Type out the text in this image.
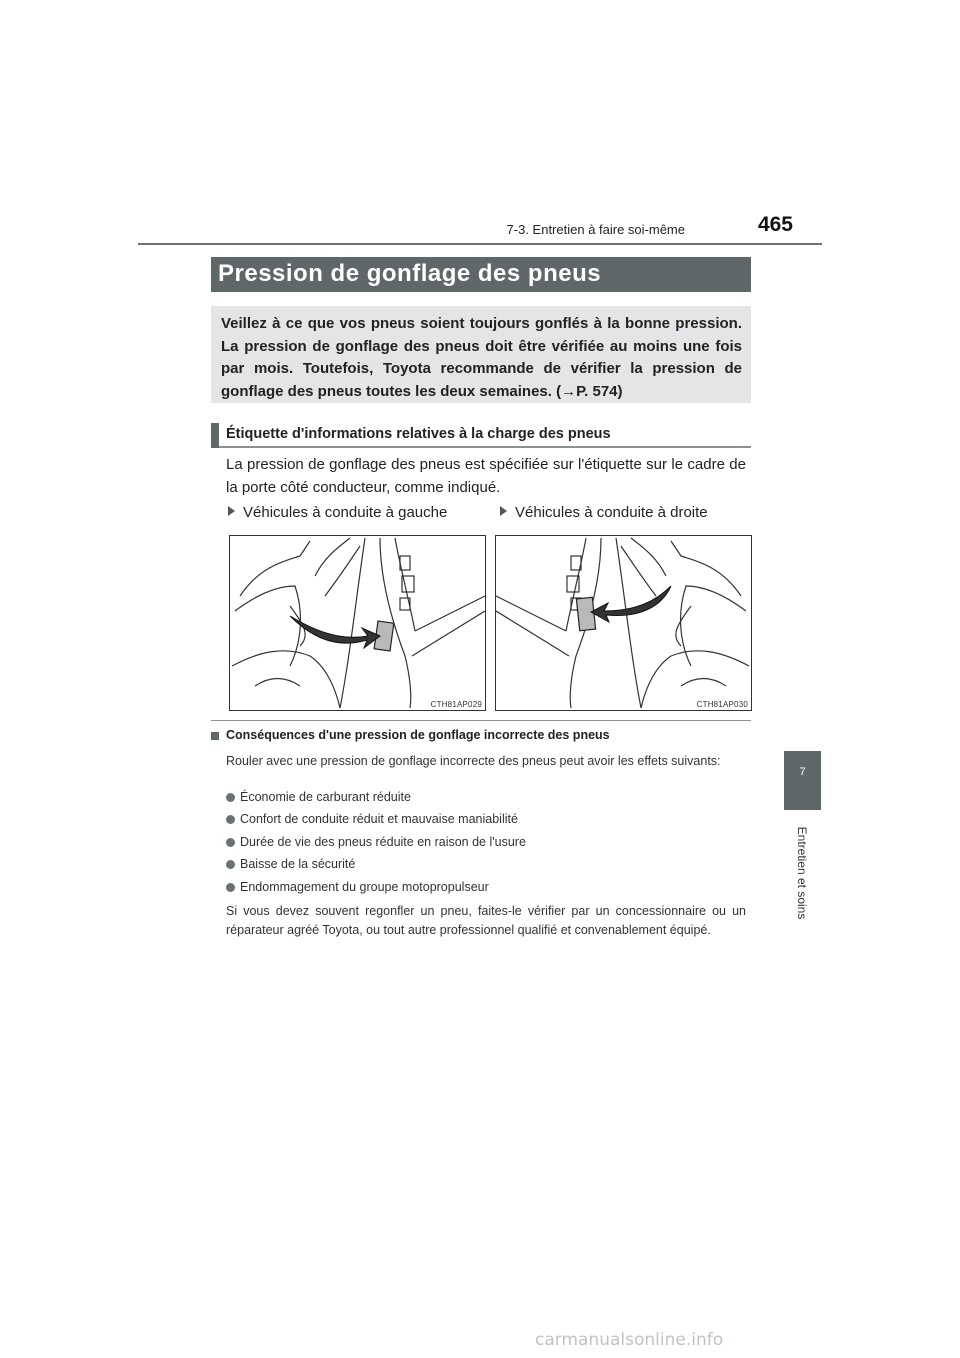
7-3. Entretien à faire soi-même	465
Pression de gonflage des pneus
Veillez à ce que vos pneus soient toujours gonflés à la bonne pression. La pression de gonflage des pneus doit être vérifiée au moins une fois par mois. Toutefois, Toyota recommande de vérifier la pression de gonflage des pneus toutes les deux semaines. (→P. 574)
Étiquette d'informations relatives à la charge des pneus
La pression de gonflage des pneus est spécifiée sur l'étiquette sur le cadre de la porte côté conducteur, comme indiqué.
Véhicules à conduite à gauche	Véhicules à conduite à droite
CTH81AP029	CTH81AP030
Conséquences d'une pression de gonflage incorrecte des pneus
Rouler avec une pression de gonflage incorrecte des pneus peut avoir les effets suivants:
Économie de carburant réduite
Confort de conduite réduit et mauvaise maniabilité
Durée de vie des pneus réduite en raison de l'usure
Baisse de la sécurité
Endommagement du groupe motopropulseur
Si vous devez souvent regonfler un pneu, faites-le vérifier par un concessionnaire ou un réparateur agréé Toyota, ou tout autre professionnel qualifié et convenablement équipé.
7
Entretien et soins
carmanualsonline.info
